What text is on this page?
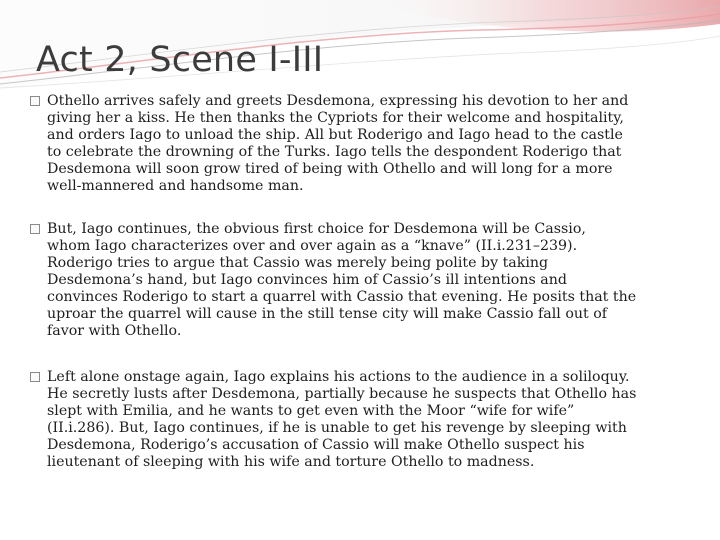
Act 2, Scene I-III

Othello arrives safely and greets Desdemona, expressing his devotion to her and
giving her a kiss. He then thanks the Cypriots for their welcome and hospitality,
and orders Iago to unload the ship. All but Roderigo and Iago head to the castle
to celebrate the drowning of the Turks. Iago tells the despondent Roderigo that
Desdemona will soon grow tired of being with Othello and will long for a more
well-mannered and handsome man.

But, Iago continues, the obvious first choice for Desdemona will be Cassio,
whom Iago characterizes over and over again as a “knave” (II.i.231–239).
Roderigo tries to argue that Cassio was merely being polite by taking
Desdemona’s hand, but Iago convinces him of Cassio’s ill intentions and
convinces Roderigo to start a quarrel with Cassio that evening. He posits that the
uproar the quarrel will cause in the still tense city will make Cassio fall out of
favor with Othello.

Left alone onstage again, Iago explains his actions to the audience in a soliloquy.
He secretly lusts after Desdemona, partially because he suspects that Othello has
slept with Emilia, and he wants to get even with the Moor “wife for wife”
(II.i.286). But, Iago continues, if he is unable to get his revenge by sleeping with
Desdemona, Roderigo’s accusation of Cassio will make Othello suspect his
lieutenant of sleeping with his wife and torture Othello to madness.
